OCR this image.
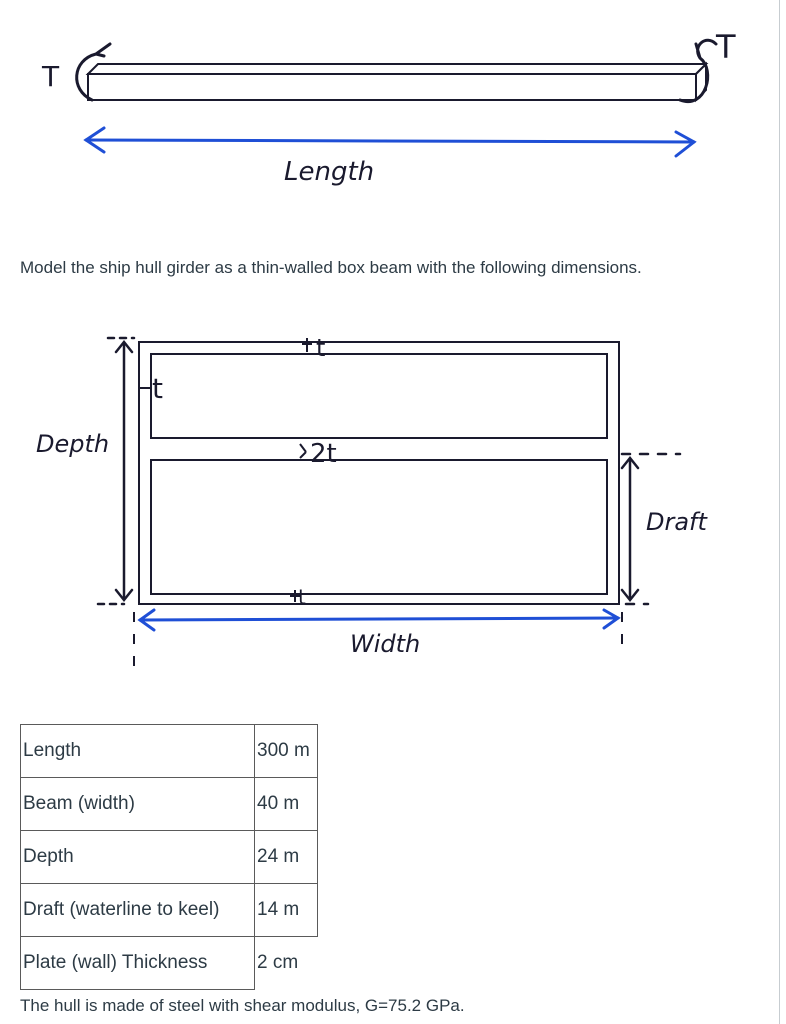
T
T
Length
Model the ship hull girder as a thin-walled box beam with the following dimensions.
t
t
2t
t
Depth
Draft
Width
Length	300 m
Beam (width)	40 m
Depth	24 m
Draft (waterline to keel)	14 m
Plate (wall) Thickness	2 cm
The hull is made of steel with shear modulus, G=75.2 GPa.
